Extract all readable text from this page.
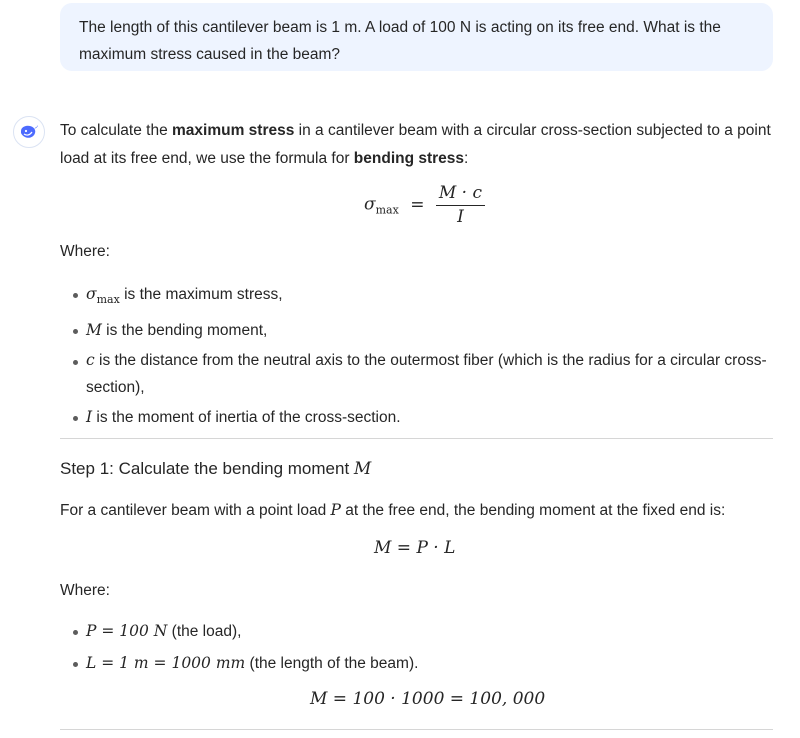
The length of this cantilever beam is 1 m. A load of 100 N is acting on its free end. What is the maximum stress caused in the beam?

To calculate the maximum stress in a cantilever beam with a circular cross-section subjected to a point load at its free end, we use the formula for bending stress:

$\sigma_{max} = \frac{M \cdot c}{I}$
Where:
$\sigma_{max}$ is the maximum stress,
M is the bending moment,
c is the distance from the neutral axis to the outermost fiber (which is the radius for a circular cross-section),
I is the moment of inertia of the cross-section.
Step 1: Calculate the bending moment M
For a cantilever beam with a point load P at the free end, the bending moment at the fixed end is:
M = P · L
Where:
P = 100 N (the load),
L = 1 m = 1000 mm (the length of the beam).
M = 100 · 1000 = 100, 000
